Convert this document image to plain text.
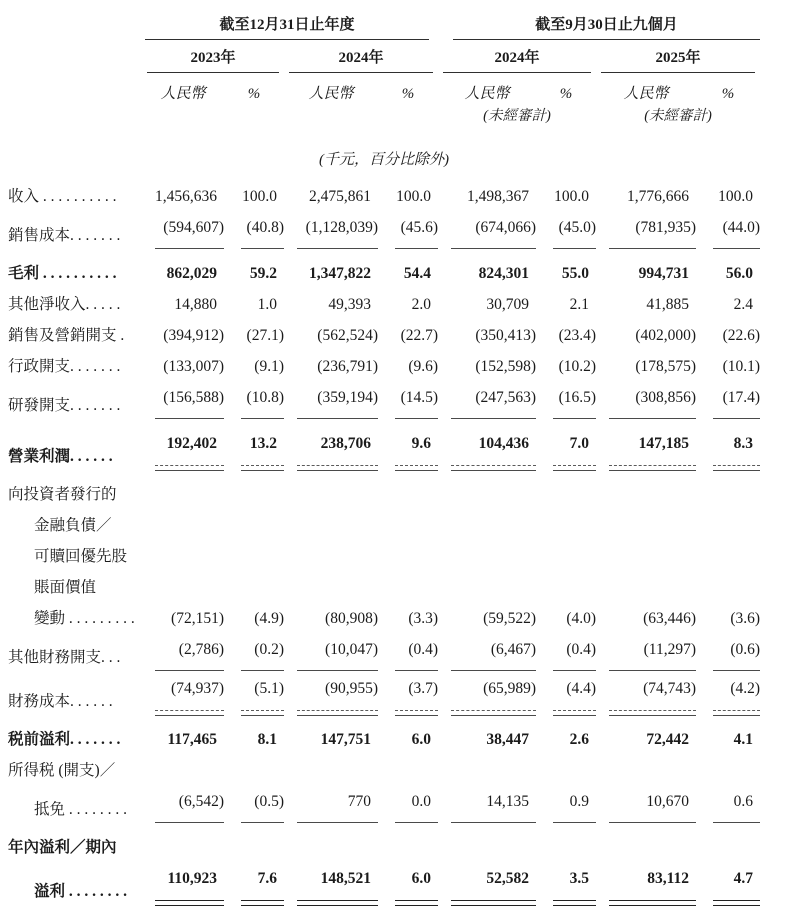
	截至12月31日止年度				截至9月30日止九個月			

	2023年		2024年		2024年		2025年	

	人民幣	%	人民幣	%	人民幣	%	人民幣	%
					(未經審計)		(未經審計)	
(千元，百分比除外)								
收入 . . . . . . . . . .	1,456,636	100.0	2,475,861	100.0	1,498,367	100.0	1,776,666	100.0
銷售成本. . . . . . .	(594,607)	(40.8)	(1,128,039)	(45.6)	(674,066)	(45.0)	(781,935)	(44.0)
毛利 . . . . . . . . . .	862,029	59.2	1,347,822	54.4	824,301	55.0	994,731	56.0
其他淨收入. . . . .	14,880	1.0	49,393	2.0	30,709	2.1	41,885	2.4
銷售及營銷開支 .	(394,912)	(27.1)	(562,524)	(22.7)	(350,413)	(23.4)	(402,000)	(22.6)
行政開支. . . . . . .	(133,007)	(9.1)	(236,791)	(9.6)	(152,598)	(10.2)	(178,575)	(10.1)
研發開支. . . . . . .	(156,588)	(10.8)	(359,194)	(14.5)	(247,563)	(16.5)	(308,856)	(17.4)
營業利潤. . . . . .	192,402	13.2	238,706	9.6	104,436	7.0	147,185	8.3
向投資者發行的								
金融負債／								
可贖回優先股								
賬面價值								
變動 . . . . . . . . .	(72,151)	(4.9)	(80,908)	(3.3)	(59,522)	(4.0)	(63,446)	(3.6)
其他財務開支. . .	(2,786)	(0.2)	(10,047)	(0.4)	(6,467)	(0.4)	(11,297)	(0.6)
財務成本. . . . . .	(74,937)	(5.1)	(90,955)	(3.7)	(65,989)	(4.4)	(74,743)	(4.2)
税前溢利. . . . . . .	117,465	8.1	147,751	6.0	38,447	2.6	72,442	4.1
所得税 (開支)／								
抵免 . . . . . . . .	(6,542)	(0.5)	770	0.0	14,135	0.9	10,670	0.6
年內溢利／期內								
溢利 . . . . . . . .	110,923	7.6	148,521	6.0	52,582	3.5	83,112	4.7
